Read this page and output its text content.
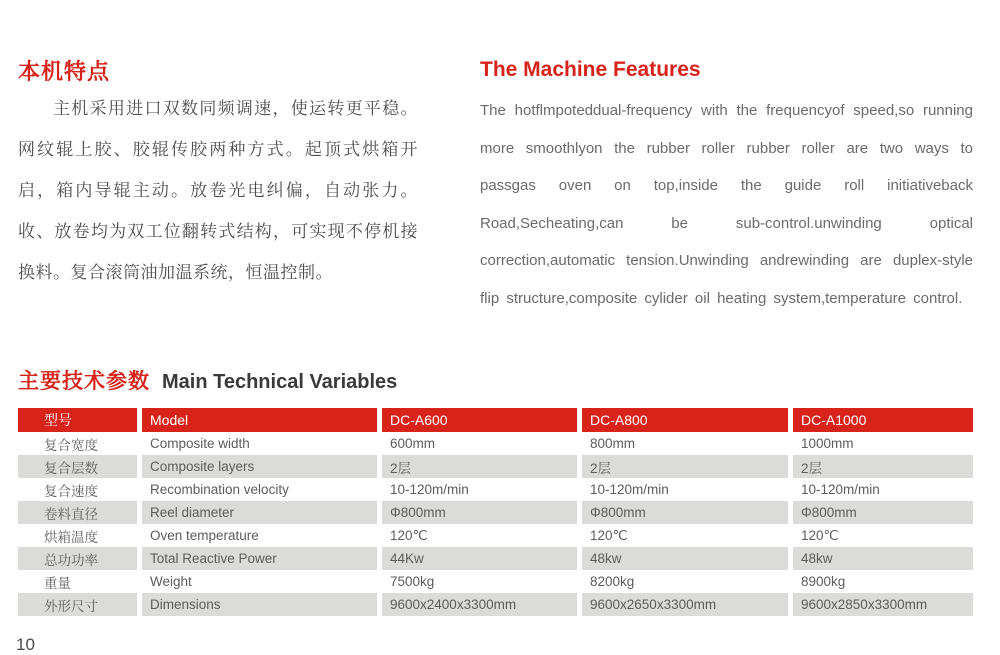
本机特点
主机采用进口双数同频调速，使运转更平稳。网纹辊上胶、胶辊传胶两种方式。起顶式烘箱开启，箱内导辊主动。放卷光电纠偏，自动张力。收、放卷均为双工位翻转式结构，可实现不停机接换料。复合滚筒油加温系统，恒温控制。
The Machine Features
The hotflmpoteddual-frequency with the frequencyof speed,so running more smoothlyon the rubber roller rubber roller are two ways to passgas oven on top,inside the guide roll initiativeback Road,Secheating,can be sub-control.unwinding optical correction,automatic tension.Unwinding andrewinding are duplex-style flip structure,composite cylider oil heating system,temperature control.
主要技术参数 Main Technical Variables
型号	Model	DC-A600	DC-A800	DC-A1000
复合宽度	Composite width	600mm	800mm	1000mm
复合层数	Composite layers	2层	2层	2层
复合速度	Recombination velocity	10-120m/min	10-120m/min	10-120m/min
卷料直径	Reel diameter	Φ800mm	Φ800mm	Φ800mm
烘箱温度	Oven temperature	120℃	120℃	120℃
总功功率	Total Reactive Power	44Kw	48kw	48kw
重量	Weight	7500kg	8200kg	8900kg
外形尺寸	Dimensions	9600x2400x3300mm	9600x2650x3300mm	9600x2850x3300mm
10
